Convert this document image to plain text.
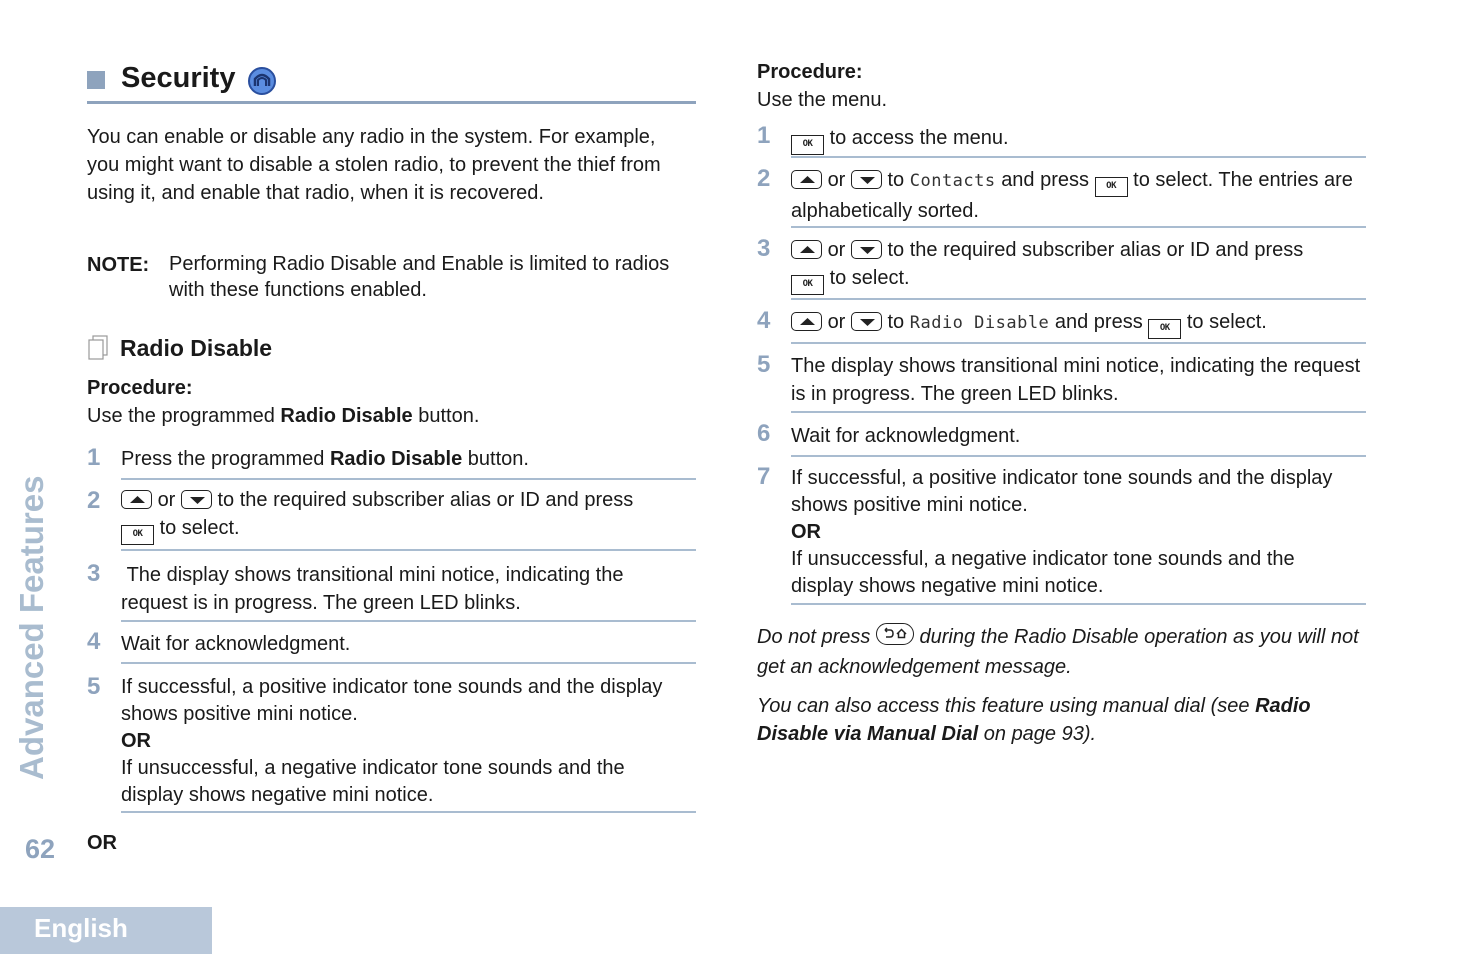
Advanced Features
62
English
Security
You can enable or disable any radio in the system. For example, you might want to disable a stolen radio, to prevent the thief from using it, and enable that radio, when it is recovered.
NOTE: Performing Radio Disable and Enable is limited to radios with these functions enabled.
Radio Disable
Procedure:
Use the programmed Radio Disable button.
1 Press the programmed Radio Disable button.
2	or to the required subscriber alias or ID and press
OK to select.
3 The display shows transitional mini notice, indicating the request is in progress. The green LED blinks.
4 Wait for acknowledgment.
5 If successful, a positive indicator tone sounds and the display shows positive mini notice.
OR
If unsuccessful, a negative indicator tone sounds and the display shows negative mini notice.
OR
Procedure:
Use the menu.
1	OK to access the menu.
2	or to Contacts and press OK to select. The entries are alphabetically sorted.
3	or to the required subscriber alias or ID and press
OK to select.
4	or to Radio Disable and press OK to select.
5 The display shows transitional mini notice, indicating the request is in progress. The green LED blinks.
6 Wait for acknowledgment.
7 If successful, a positive indicator tone sounds and the display shows positive mini notice.
OR
If unsuccessful, a negative indicator tone sounds and the display shows negative mini notice.
Do not press during the Radio Disable operation as you will not get an acknowledgement message.
You can also access this feature using manual dial (see Radio Disable via Manual Dial on page 93).
